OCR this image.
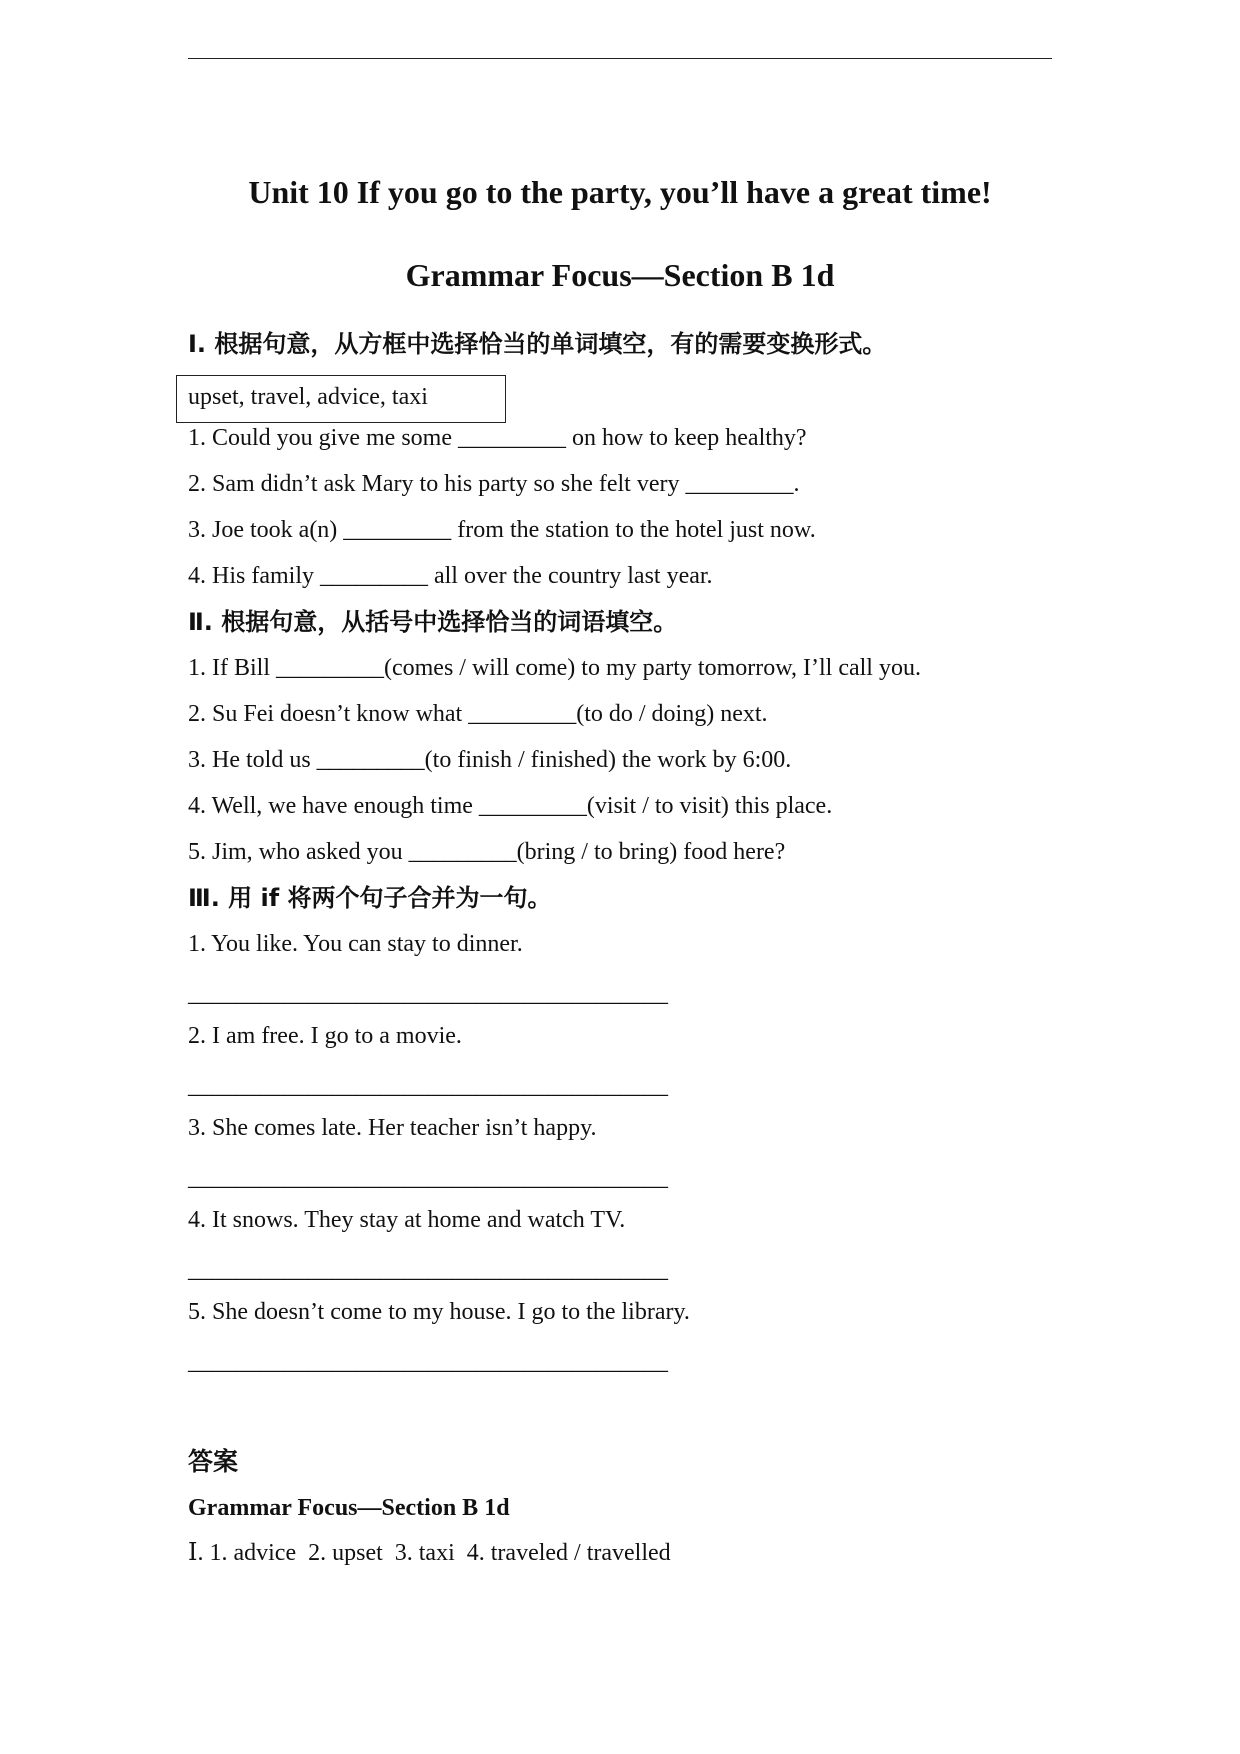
Unit 10 If you go to the party, you’ll have a great time!
Grammar Focus—Section B 1d
Ⅰ. 根据句意，从方框中选择恰当的单词填空，有的需要变换形式。
upset, travel, advice, taxi
1. Could you give me some _________ on how to keep healthy?
2. Sam didn’t ask Mary to his party so she felt very _________.
3. Joe took a(n) _________ from the station to the hotel just now.
4. His family _________ all over the country last year.
Ⅱ. 根据句意，从括号中选择恰当的词语填空。
1. If Bill _________(comes / will come) to my party tomorrow, I’ll call you.
2. Su Fei doesn’t know what _________(to do / doing) next.
3. He told us _________(to finish / finished) the work by 6:00.
4. Well, we have enough time _________(visit / to visit) this place.
5. Jim, who asked you _________(bring / to bring) food here?
Ⅲ. 用 if 将两个句子合并为一句。
1. You like. You can stay to dinner.
________________________________________
2. I am free. I go to a movie.
________________________________________
3. She comes late. Her teacher isn’t happy.
________________________________________
4. It snows. They stay at home and watch TV.
________________________________________
5. She doesn’t come to my house. I go to the library.
________________________________________
答案
Grammar Focus—Section B 1d
Ⅰ. 1. advice  2. upset  3. taxi  4. traveled / travelled
